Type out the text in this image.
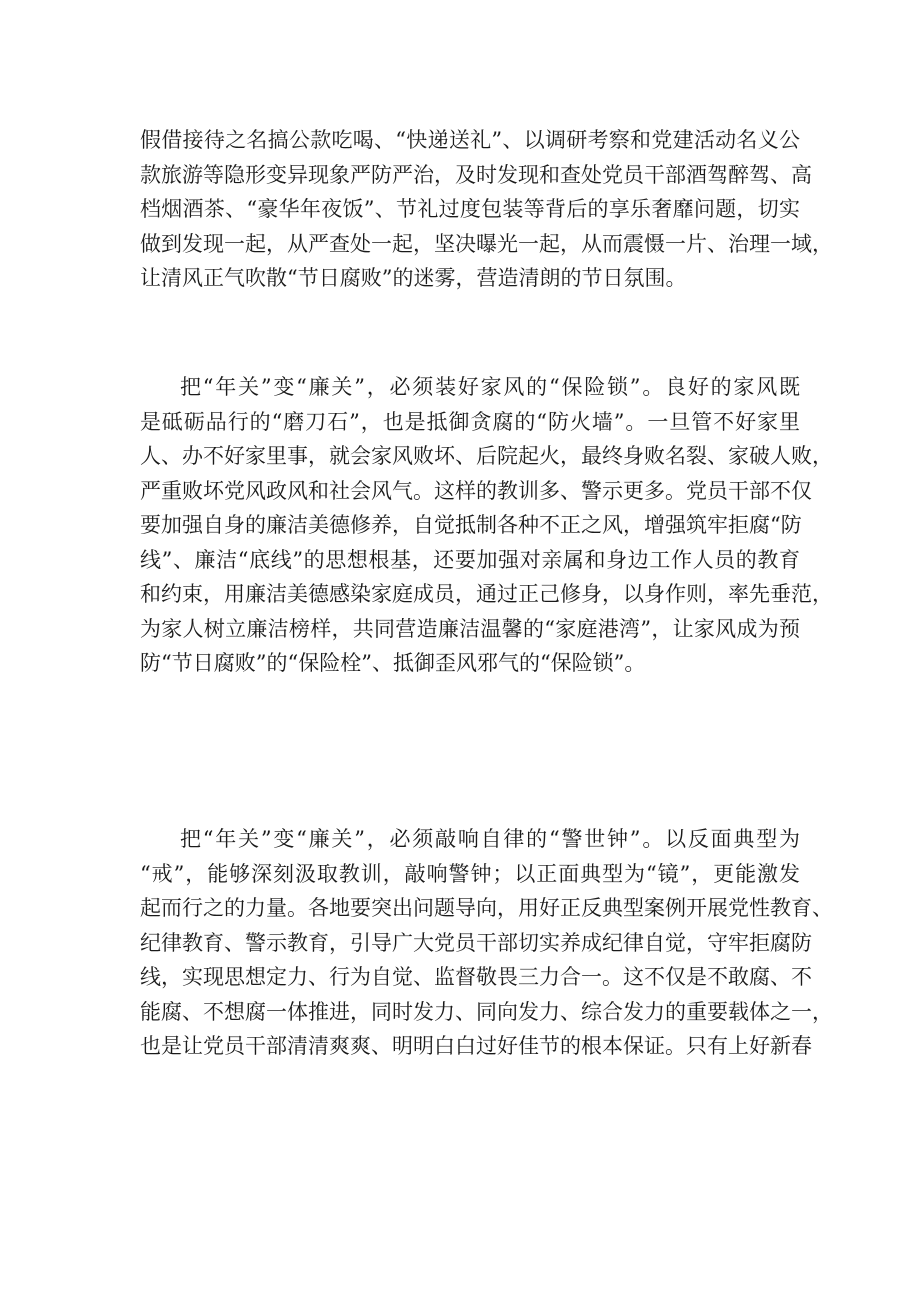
假借接待之名搞公款吃喝、“快递送礼”、以调研考察和党建活动名义公
款旅游等隐形变异现象严防严治，及时发现和查处党员干部酒驾醉驾、高
档烟酒茶、“豪华年夜饭”、节礼过度包装等背后的享乐奢靡问题，切实
做到发现一起，从严查处一起，坚决曝光一起，从而震慑一片、治理一域，
让清风正气吹散“节日腐败”的迷雾，营造清朗的节日氛围。
把“年关”变“廉关”，必须装好家风的“保险锁”。良好的家风既
是砥砺品行的“磨刀石”，也是抵御贪腐的“防火墙”。一旦管不好家里
人、办不好家里事，就会家风败坏、后院起火，最终身败名裂、家破人败，
严重败坏党风政风和社会风气。这样的教训多、警示更多。党员干部不仅
要加强自身的廉洁美德修养，自觉抵制各种不正之风，增强筑牢拒腐“防
线”、廉洁“底线”的思想根基，还要加强对亲属和身边工作人员的教育
和约束，用廉洁美德感染家庭成员，通过正己修身，以身作则，率先垂范，
为家人树立廉洁榜样，共同营造廉洁温馨的“家庭港湾”，让家风成为预
防“节日腐败”的“保险栓”、抵御歪风邪气的“保险锁”。
把“年关”变“廉关”，必须敲响自律的“警世钟”。以反面典型为
“戒”，能够深刻汲取教训，敲响警钟；以正面典型为“镜”，更能激发
起而行之的力量。各地要突出问题导向，用好正反典型案例开展党性教育、
纪律教育、警示教育，引导广大党员干部切实养成纪律自觉，守牢拒腐防
线，实现思想定力、行为自觉、监督敬畏三力合一。这不仅是不敢腐、不
能腐、不想腐一体推进，同时发力、同向发力、综合发力的重要载体之一，
也是让党员干部清清爽爽、明明白白过好佳节的根本保证。只有上好新春
